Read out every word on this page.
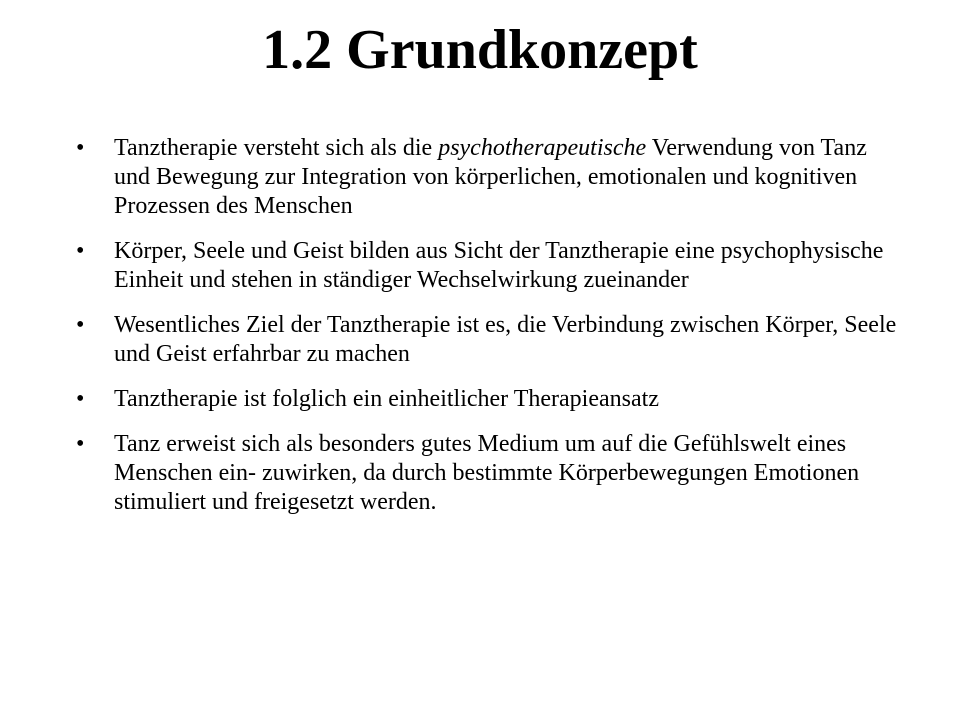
1.2 Grundkonzept
• Tanztherapie versteht sich als die psychotherapeutische Verwendung von Tanz und Bewegung zur Integration von körperlichen, emotionalen und kognitiven Prozessen des Menschen
• Körper, Seele und Geist bilden aus Sicht der Tanztherapie eine psychophysische Einheit und stehen in ständiger Wechselwirkung zueinander
• Wesentliches Ziel der Tanztherapie ist es, die Verbindung zwischen Körper, Seele und Geist erfahrbar zu machen
• Tanztherapie ist folglich ein einheitlicher Therapieansatz
• Tanz erweist sich als besonders gutes Medium um auf die Gefühlswelt eines Menschen ein- zuwirken, da durch bestimmte Körperbewegungen Emotionen stimuliert und freigesetzt werden.
